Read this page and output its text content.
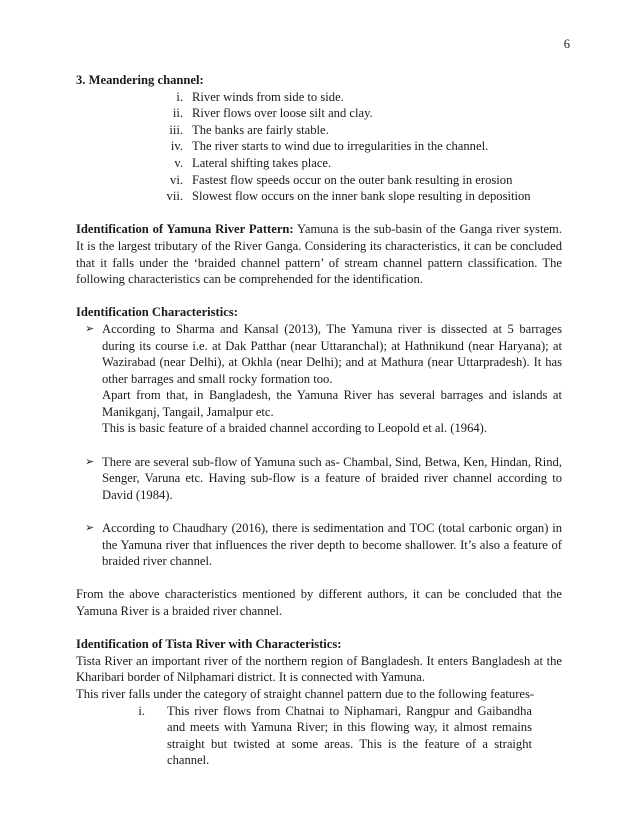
6
3. Meandering channel:
i. River winds from side to side.
ii. River flows over loose silt and clay.
iii. The banks are fairly stable.
iv. The river starts to wind due to irregularities in the channel.
v. Lateral shifting takes place.
vi. Fastest flow speeds occur on the outer bank resulting in erosion
vii. Slowest flow occurs on the inner bank slope resulting in deposition

Identification of Yamuna River Pattern: Yamuna is the sub-basin of the Ganga river system. It is the largest tributary of the River Ganga. Considering its characteristics, it can be concluded that it falls under the ‘braided channel pattern’ of stream channel pattern classification. The following characteristics can be comprehended for the identification.

Identification Characteristics:
➢ According to Sharma and Kansal (2013), The Yamuna river is dissected at 5 barrages during its course i.e. at Dak Patthar (near Uttaranchal); at Hathnikund (near Haryana); at Wazirabad (near Delhi), at Okhla (near Delhi); and at Mathura (near Uttarpradesh). It has other barrages and small rocky formation too.

Apart from that, in Bangladesh, the Yamuna River has several barrages and islands at Manikganj, Tangail, Jamalpur etc.

This is basic feature of a braided channel according to Leopold et al. (1964).

➢ There are several sub-flow of Yamuna such as- Chambal, Sind, Betwa, Ken, Hindan, Rind, Senger, Varuna etc. Having sub-flow is a feature of braided river channel according to David (1984).

➢ According to Chaudhary (2016), there is sedimentation and TOC (total carbonic organ) in the Yamuna river that influences the river depth to become shallower. It’s also a feature of braided river channel.

From the above characteristics mentioned by different authors, it can be concluded that the Yamuna River is a braided river channel.

Identification of Tista River with Characteristics:

Tista River an important river of the northern region of Bangladesh. It enters Bangladesh at the Kharibari border of Nilphamari district. It is connected with Yamuna.

This river falls under the category of straight channel pattern due to the following features-

i.	This river flows from Chatnai to Niphamari, Rangpur and Gaibandha and meets with Yamuna River; in this flowing way, it almost remains straight but twisted at some areas. This is the feature of a straight channel.
